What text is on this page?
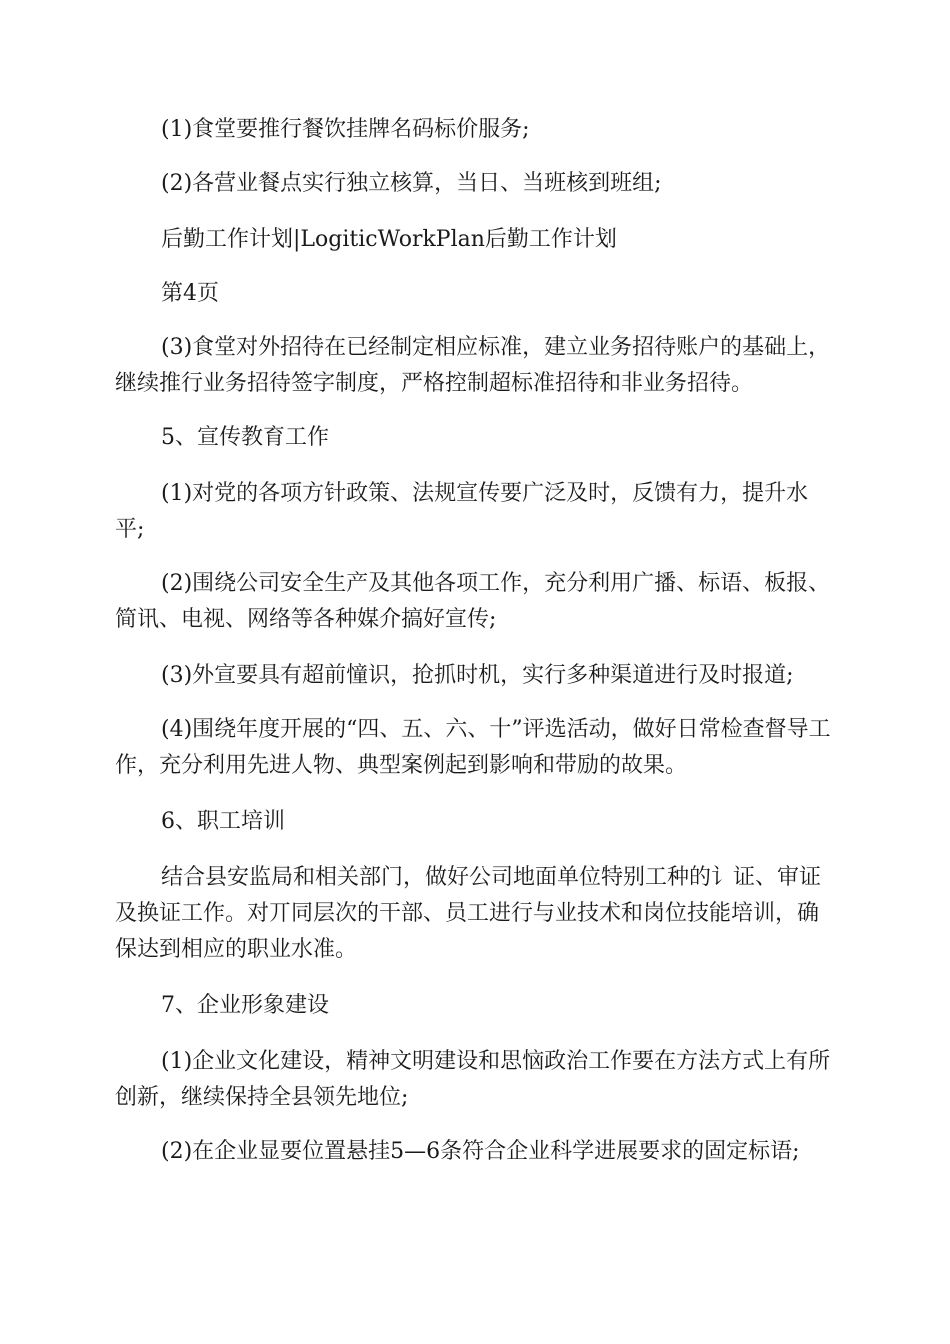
(1)食堂要推行餐饮挂牌名码标价服务;

(2)各营业餐点实行独立核算，当日、当班核到班组;

后勤工作计划|LogiticWorkPlan后勤工作计划

第4页

(3)食堂对外招待在已经制定相应标准，建立业务招待账户的基础上，继续推行业务招待签字制度，严格控制超标准招待和非业务招待。

5、宣传教育工作

(1)对党的各项方针政策、法规宣传要广泛及时，反馈有力，提升水平;

(2)围绕公司安全生产及其他各项工作，充分利用广播、标语、板报、简讯、电视、网络等各种媒介搞好宣传;

(3)外宣要具有超前憧识，抢抓时机，实行多种渠道进行及时报道;

(4)围绕年度开展的“四、五、六、十”评选活动，做好日常检查督导工作，充分利用先进人物、典型案例起到影响和带励的故果。

6、职工培训

结合县安监局和相关部门，做好公司地面单位特别工种的讠证、审证及换证工作。对丌同层次的干部、员工进行与业技术和岗位技能培训，确保达到相应的职业水准。

7、企业形象建设

(1)企业文化建设，精神文明建设和思恼政治工作要在方法方式上有所创新，继续保持全县领先地位;

(2)在企业显要位置悬挂5—6条符合企业科学进展要求的固定标语;
